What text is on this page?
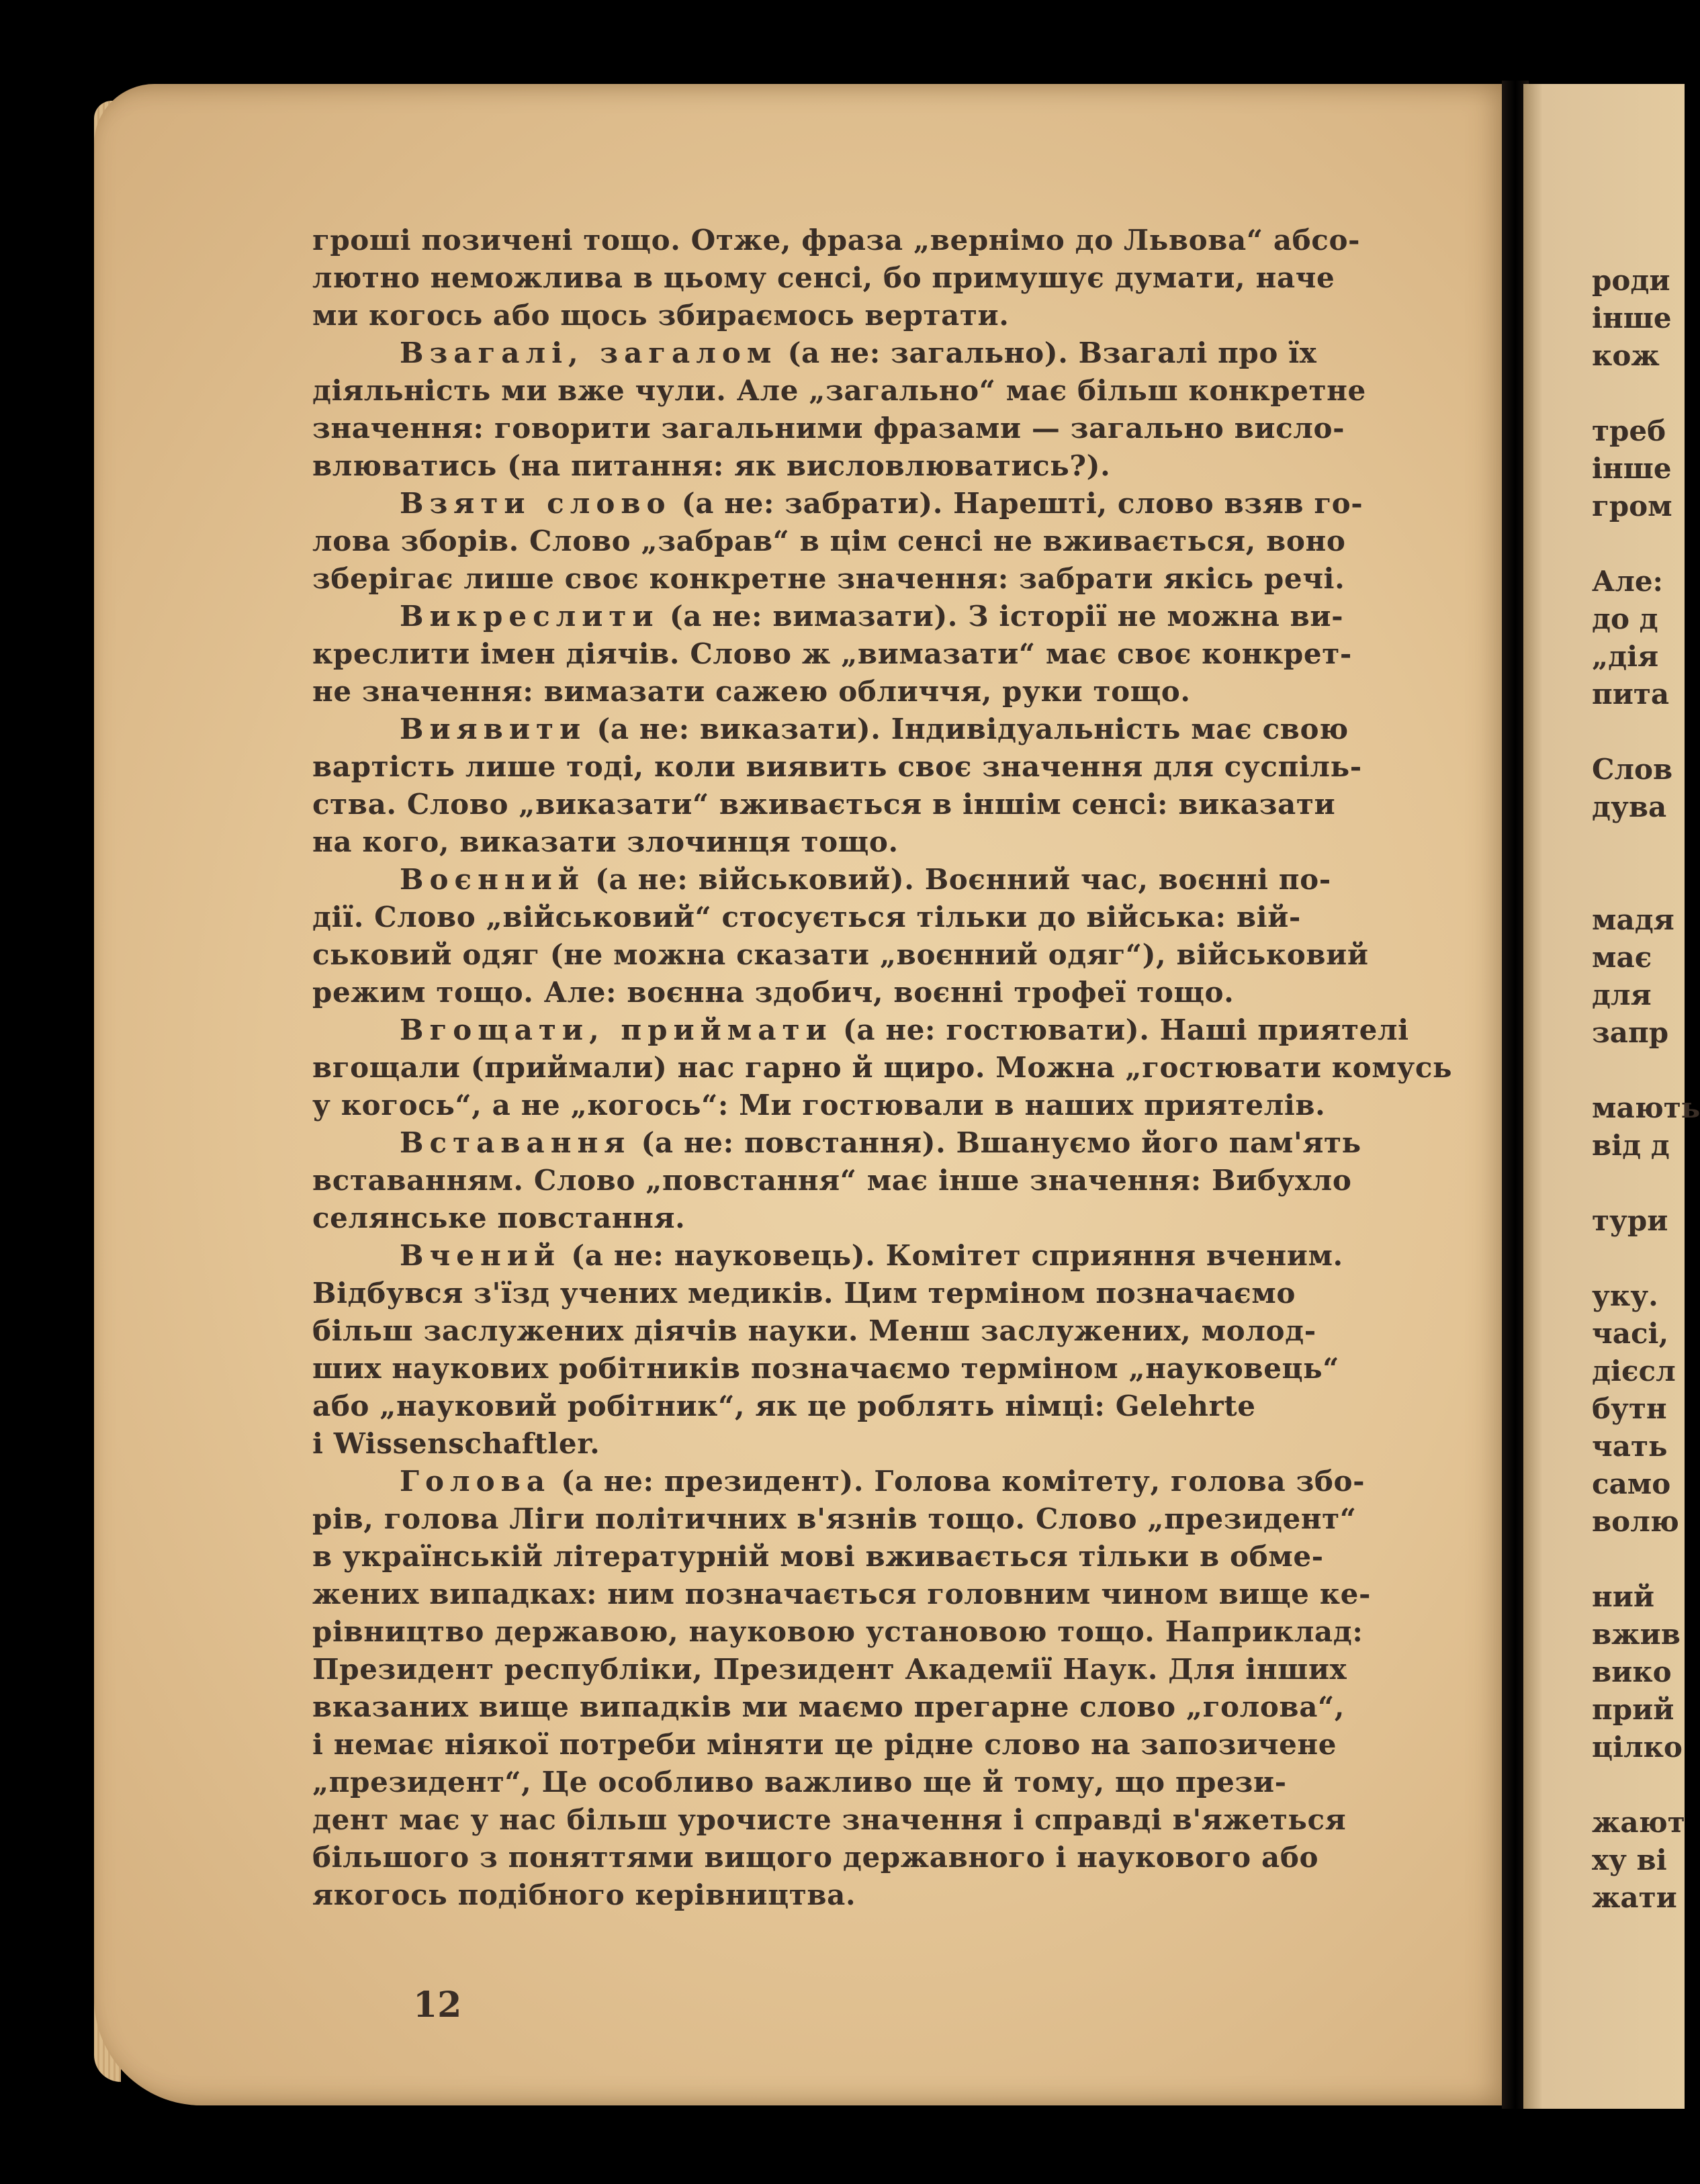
гроші позичені тощо. Отже, фраза „вернімо до Львова“ абсо-
лютно неможлива в цьому сенсі, бо примушує думати, наче
ми когось або щось збираємось вертати.
Взагалі, загалом (а не: загально). Взагалі про їх
діяльність ми вже чули. Але „загально“ має більш конкретне
значення: говорити загальними фразами — загально висло-
влюватись (на питання: як висловлюватись?).
Взяти слово (а не: забрати). Нарешті, слово взяв го-
лова зборів. Слово „забрав“ в цім сенсі не вживається, воно
зберігає лише своє конкретне значення: забрати якісь речі.
Викреслити (а не: вимазати). З історії не можна ви-
креслити імен діячів. Слово ж „вимазати“ має своє конкрет-
не значення: вимазати сажею обличчя, руки тощо.
Виявити (а не: виказати). Індивідуальність має свою
вартість лише тоді, коли виявить своє значення для суспіль-
ства. Слово „виказати“ вживається в іншім сенсі: виказати
на кого, виказати злочинця тощо.
Воєнний (а не: військовий). Воєнний час, воєнні по-
дії. Слово „військовий“ стосується тільки до війська: вій-
ськовий одяг (не можна сказати „воєнний одяг“), військовий
режим тощо. Але: воєнна здобич, воєнні трофеї тощо.
Вгощати, приймати (а не: гостювати). Наші приятелі
вгощали (приймали) нас гарно й щиро. Можна „гостювати комусь
у когось“, а не „когось“: Ми гостювали в наших приятелів.
Вставання (а не: повстання). Вшануємо його пам'ять
вставанням. Слово „повстання“ має інше значення: Вибухло
селянське повстання.
Вчений (а не: науковець). Комітет сприяння вченим.
Відбувся з'їзд учених медиків. Цим терміном позначаємо
більш заслужених діячів науки. Менш заслужених, молод-
ших наукових робітників позначаємо терміном „науковець“
або „науковий робітник“, як це роблять німці: Gelehrte
і Wissenschaftler.
Голова (а не: президент). Голова комітету, голова збо-
рів, голова Ліги політичних в'язнів тощо. Слово „президент“
в українській літературній мові вживається тільки в обме-
жених випадках: ним позначається головним чином вище ке-
рівництво державою, науковою установою тощо. Наприклад:
Президент республіки, Президент Академії Наук. Для інших
вказаних вище випадків ми маємо прегарне слово „голова“,
і немає ніякої потреби міняти це рідне слово на запозичене
„президент“, Це особливо важливо ще й тому, що прези-
дент має у нас більш урочисте значення і справді в'яжеться
більшого з поняттями вищого державного і наукового або
якогось подібного керівництва.
12
роди
інше
кож
треб
інше
гром
Але:
до д
„дія
пита
Слов
дува
мадя
має
для
запр
мають
від д
тури
уку.
часі,
дієсл
бутн
чать
само
волю
ний
вжив
вико
прий
цілко
жают
ху ві
жати
